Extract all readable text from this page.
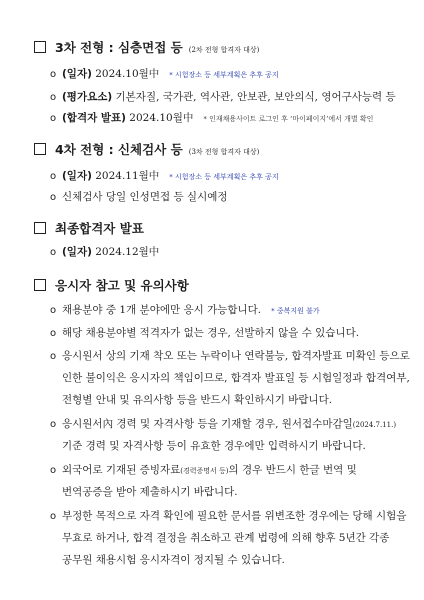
3차 전형 : 심층면접 등 (2차 전형 합격자 대상)
o (일자) 2024.10월中 * 시험장소 등 세부계획은 추후 공지
o (평가요소) 기본자질, 국가관, 역사관, 안보관, 보안의식, 영어구사능력 등
o (합격자 발표) 2024.10월中 * 인재채용사이트 로그인 후 ‘마이페이지’에서 개별 확인
4차 전형 : 신체검사 등 (3차 전형 합격자 대상)
o (일자) 2024.11월中 * 시험장소 등 세부계획은 추후 공지
o 신체검사 당일 인성면접 등 실시예정
최종합격자 발표
o (일자) 2024.12월中
응시자 참고 및 유의사항
o 채용분야 중 1개 분야에만 응시 가능합니다. * 중복지원 불가
o 해당 채용분야별 적격자가 없는 경우, 선발하지 않을 수 있습니다.
o 응시원서 상의 기재 착오 또는 누락이나 연락불능, 합격자발표 미확인 등으로
인한 불이익은 응시자의 책임이므로, 합격자 발표일 등 시험일정과 합격여부,
전형별 안내 및 유의사항 등을 반드시 확인하시기 바랍니다.
o 응시원서內 경력 및 자격사항 등을 기재할 경우, 원서접수마감일(2024.7.11.)
기준 경력 및 자격사항 등이 유효한 경우에만 입력하시기 바랍니다.
o 외국어로 기재된 증빙자료(경력증명서 등)의 경우 반드시 한글 번역 및
번역공증을 받아 제출하시기 바랍니다.
o 부정한 목적으로 자격 확인에 필요한 문서를 위변조한 경우에는 당해 시험을
무효로 하거나, 합격 결정을 취소하고 관계 법령에 의해 향후 5년간 각종
공무원 채용시험 응시자격이 정지될 수 있습니다.
